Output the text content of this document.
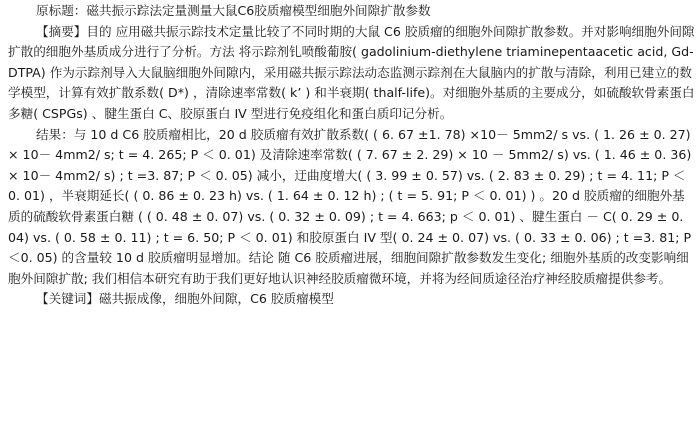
原标题：磁共振示踪法定量测量大鼠C6胶质瘤模型细胞外间隙扩散参数

【摘要】目的 应用磁共振示踪技术定量比较了不同时期的大鼠 C6 胶质瘤的细胞外间隙扩散参数。并对影响细胞外间隙扩散的细胞外基质成分进行了分析。方法 将示踪剂钆喷酸葡胺( gadolinium-diethylene triaminepentaacetic acid, Gd-DTPA) 作为示踪剂导入大鼠脑细胞外间隙内，采用磁共振示踪法动态监测示踪剂在大鼠脑内的扩散与清除，利用已建立的数学模型，计算有效扩散系数( D*) ，清除速率常数( k’ ) 和半衰期( thalf-life)。对细胞外基质的主要成分，如硫酸软骨素蛋白多糖( CSPGs) 、腱生蛋白 C、胶原蛋白 IV 型进行免疫组化和蛋白质印记分析。

结果：与 10 d C6 胶质瘤相比，20 d 胶质瘤有效扩散系数( ( 6. 67 ±1. 78) ×10－ 5mm2/ s vs. ( 1. 26 ± 0. 27) × 10－ 4mm2/ s; t = 4. 265; P ＜ 0. 01) 及清除速率常数( ( 7. 67 ± 2. 29) × 10 － 5mm2/ s) vs. ( 1. 46 ± 0. 36) × 10－ 4mm2/ s) ; t =3. 87; P ＜ 0. 05) 减小，迂曲度增大( ( 3. 99 ± 0. 57) vs. ( 2. 83 ± 0. 29) ; t = 4. 11; P ＜ 0. 01) ，半衰期延长( ( 0. 86 ± 0. 23 h) vs. ( 1. 64 ± 0. 12 h) ; ( t = 5. 91; P ＜ 0. 01) ) 。20 d 胶质瘤的细胞外基质的硫酸软骨素蛋白糖 ( ( 0. 48 ± 0. 07) vs. ( 0. 32 ± 0. 09) ; t = 4. 663; p ＜ 0. 01) 、腱生蛋白 － C( 0. 29 ± 0. 04) vs. ( 0. 58 ± 0. 11) ; t = 6. 50; P ＜ 0. 01) 和胶原蛋白 IV 型( 0. 24 ± 0. 07) vs. ( 0. 33 ± 0. 06) ; t =3. 81; P ＜0. 05) 的含量较 10 d 胶质瘤明显增加。结论 随 C6 胶质瘤进展，细胞间隙扩散参数发生变化; 细胞外基质的改变影响细胞外间隙扩散; 我们相信本研究有助于我们更好地认识神经胶质瘤微环境，并将为经间质途径治疗神经胶质瘤提供参考。

【关键词】磁共振成像，细胞外间隙，C6 胶质瘤模型
